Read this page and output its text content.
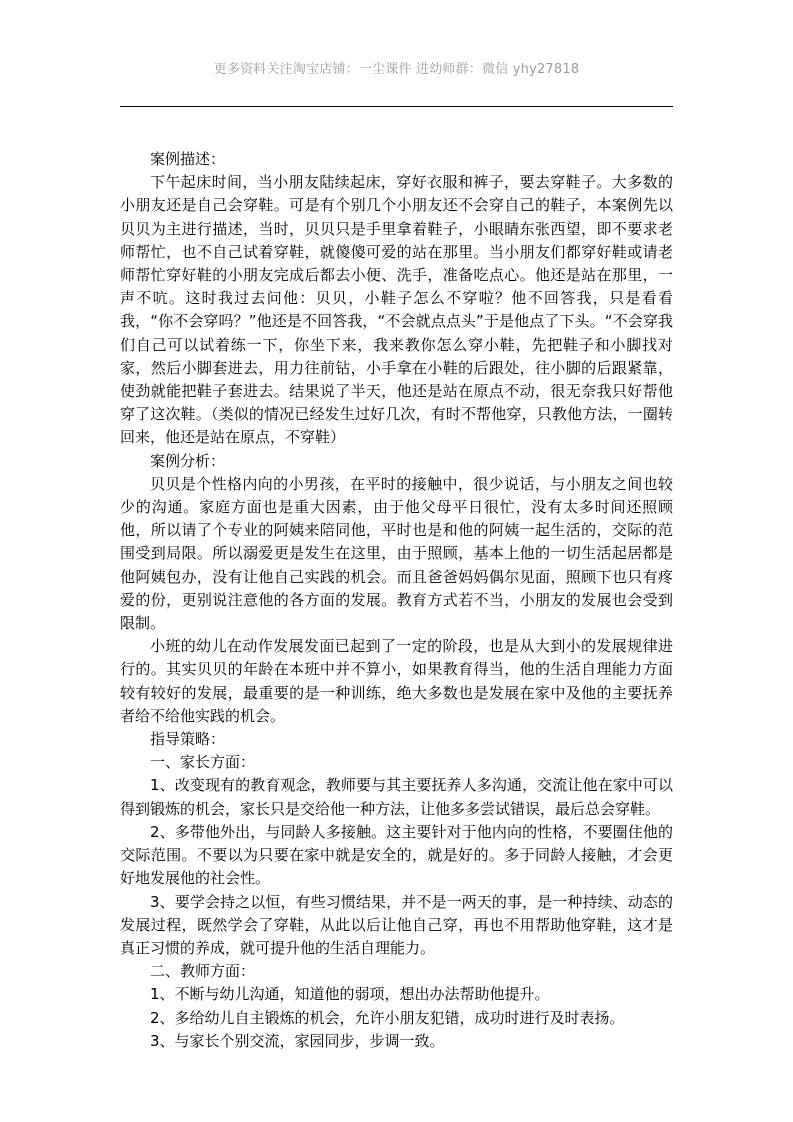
更多资料关注淘宝店铺：一尘课件 进幼师群：微信 yhy27818

案例描述：

下午起床时间，当小朋友陆续起床，穿好衣服和裤子，要去穿鞋子。大多数的小朋友还是自己会穿鞋。可是有个别几个小朋友还不会穿自己的鞋子，本案例先以贝贝为主进行描述，当时，贝贝只是手里拿着鞋子，小眼睛东张西望，即不要求老师帮忙，也不自己试着穿鞋，就傻傻可爱的站在那里。当小朋友们都穿好鞋或请老师帮忙穿好鞋的小朋友完成后都去小便、洗手，准备吃点心。他还是站在那里，一声不吭。这时我过去问他：贝贝，小鞋子怎么不穿啦？他不回答我，只是看看我，“你不会穿吗？”他还是不回答我，“不会就点点头”于是他点了下头。“不会穿我们自己可以试着练一下，你坐下来，我来教你怎么穿小鞋，先把鞋子和小脚找对家，然后小脚套进去，用力往前钻，小手拿在小鞋的后跟处，往小脚的后跟紧靠，使劲就能把鞋子套进去。结果说了半天，他还是站在原点不动，很无奈我只好帮他穿了这次鞋。（类似的情况已经发生过好几次，有时不帮他穿，只教他方法，一圈转回来，他还是站在原点，不穿鞋）

案例分析：

贝贝是个性格内向的小男孩，在平时的接触中，很少说话，与小朋友之间也较少的沟通。家庭方面也是重大因素，由于他父母平日很忙，没有太多时间还照顾他，所以请了个专业的阿姨来陪同他，平时也是和他的阿姨一起生活的，交际的范围受到局限。所以溺爱更是发生在这里，由于照顾，基本上他的一切生活起居都是他阿姨包办，没有让他自己实践的机会。而且爸爸妈妈偶尔见面，照顾下也只有疼爱的份，更别说注意他的各方面的发展。教育方式若不当，小朋友的发展也会受到限制。

小班的幼儿在动作发展发面已起到了一定的阶段，也是从大到小的发展规律进行的。其实贝贝的年龄在本班中并不算小，如果教育得当，他的生活自理能力方面较有较好的发展，最重要的是一种训练，绝大多数也是发展在家中及他的主要抚养者给不给他实践的机会。

指导策略：

一、家长方面：

1、改变现有的教育观念，教师要与其主要抚养人多沟通，交流让他在家中可以得到锻炼的机会，家长只是交给他一种方法，让他多多尝试错误，最后总会穿鞋。

2、多带他外出，与同龄人多接触。这主要针对于他内向的性格，不要圈住他的交际范围。不要以为只要在家中就是安全的，就是好的。多于同龄人接触，才会更好地发展他的社会性。

3、要学会持之以恒，有些习惯结果，并不是一两天的事，是一种持续、动态的发展过程，既然学会了穿鞋，从此以后让他自己穿，再也不用帮助他穿鞋，这才是真正习惯的养成，就可提升他的生活自理能力。

二、教师方面：

1、不断与幼儿沟通，知道他的弱项，想出办法帮助他提升。

2、多给幼儿自主锻炼的机会，允许小朋友犯错，成功时进行及时表扬。

3、与家长个别交流，家园同步，步调一致。
